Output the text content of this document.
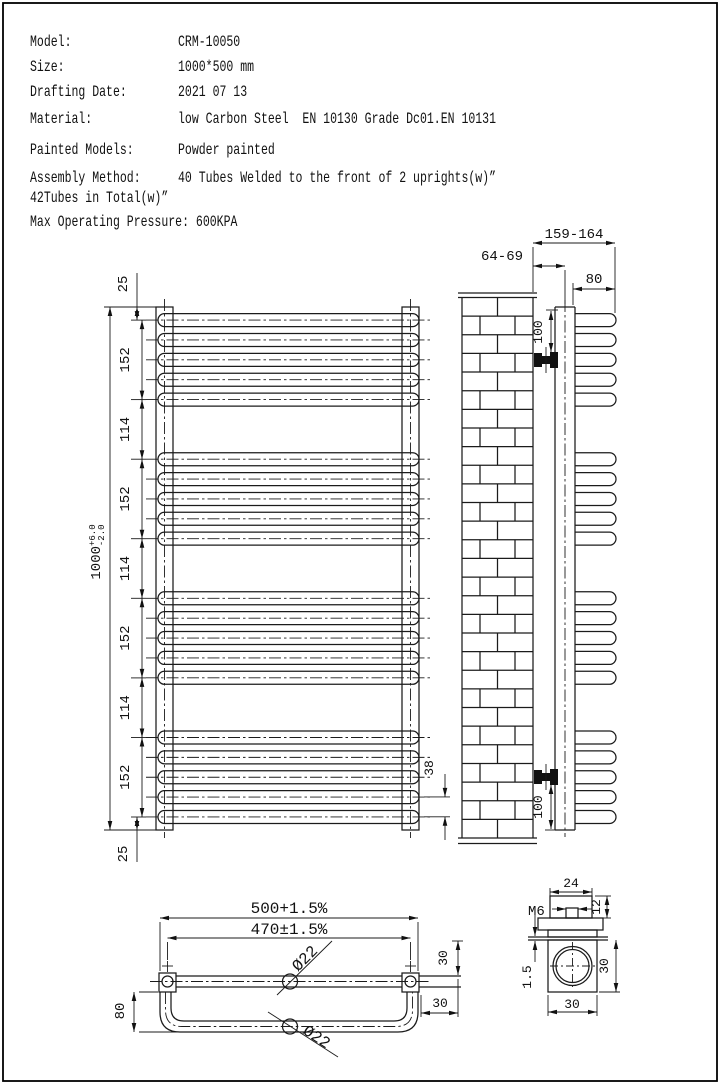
Model:	CRM-10050
Size:	1000*500 mm
Drafting Date:	2021 07 13
Material:	low Carbon Steel  EN 10130 Grade Dc01.EN 10131
Painted Models:	Powder painted
Assembly Method: 40 Tubes Welded to the front of 2 uprights(w)”
42Tubes in Total(w)”
Max Operating Pressure: 600KPA
$1000^{+6.0}-2.0$
25
152
114
152
114
152
114
152
25
38
159-164
64-69
80
100
100
500+1.5%
470±1.5%
80
Ø22
Ø22
30
30
24
12
M6
1.5	30
30
